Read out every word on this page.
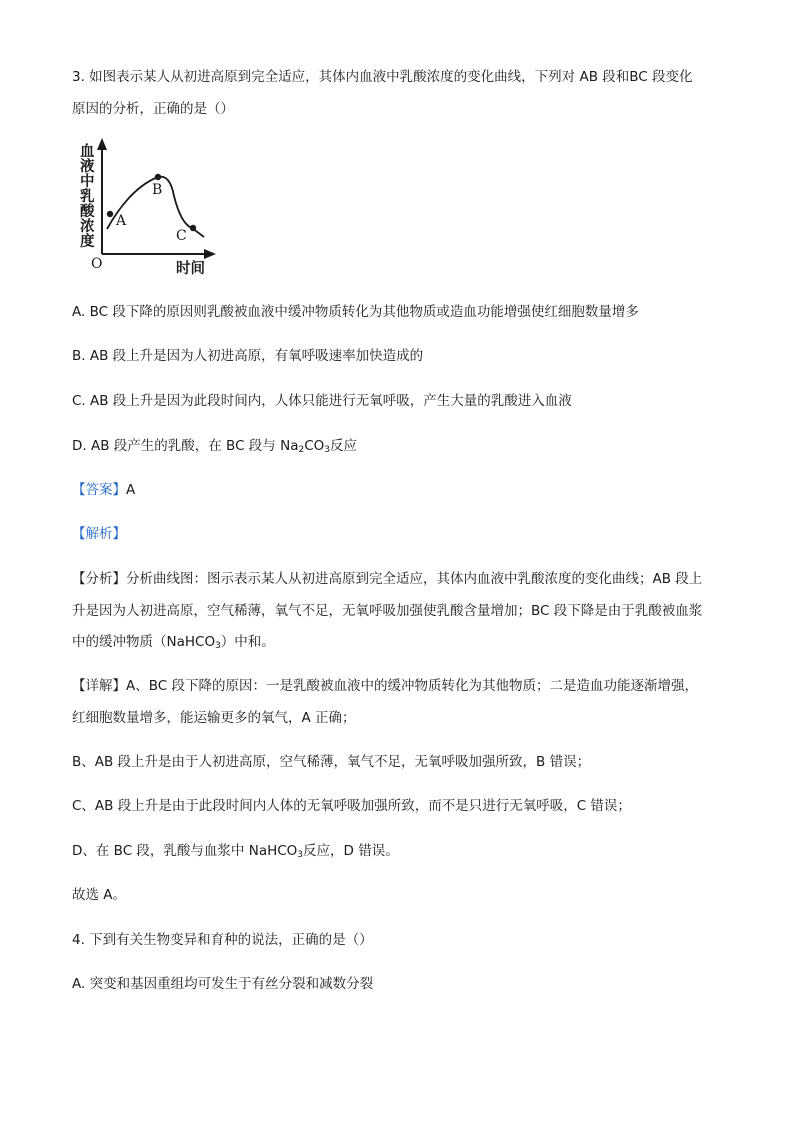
3. 如图表示某人从初进高原到完全适应，其体内血液中乳酸浓度的变化曲线，下列对 AB 段和BC 段变化
原因的分析，正确的是（）
血
液
中
乳
酸
浓
度
A
B
C
O	时间
A. BC 段下降的原因则乳酸被血液中缓冲物质转化为其他物质或造血功能增强使红细胞数量增多
B. AB 段上升是因为人初进高原，有氧呼吸速率加快造成的
C. AB 段上升是因为此段时间内，人体只能进行无氧呼吸，产生大量的乳酸进入血液
D. AB 段产生的乳酸，在 BC 段与 $Na_2CO_3$反应
【答案】A
【解析】
【分析】分析曲线图：图示表示某人从初进高原到完全适应，其体内血液中乳酸浓度的变化曲线；AB 段上
升是因为人初进高原，空气稀薄，氧气不足，无氧呼吸加强使乳酸含量增加；BC 段下降是由于乳酸被血浆
中的缓冲物质（NaHCO$_3$）中和。
【详解】A、BC 段下降的原因：一是乳酸被血液中的缓冲物质转化为其他物质；二是造血功能逐渐增强，
红细胞数量增多，能运输更多的氧气，A 正确；
B、AB 段上升是由于人初进高原，空气稀薄，氧气不足，无氧呼吸加强所致，B 错误；
C、AB 段上升是由于此段时间内人体的无氧呼吸加强所致，而不是只进行无氧呼吸，C 错误；
D、在 BC 段，乳酸与血浆中 NaHCO$_3$反应，D 错误。
故选 A。
4. 下到有关生物变异和育种的说法，正确的是（）
A. 突变和基因重组均可发生于有丝分裂和减数分裂
